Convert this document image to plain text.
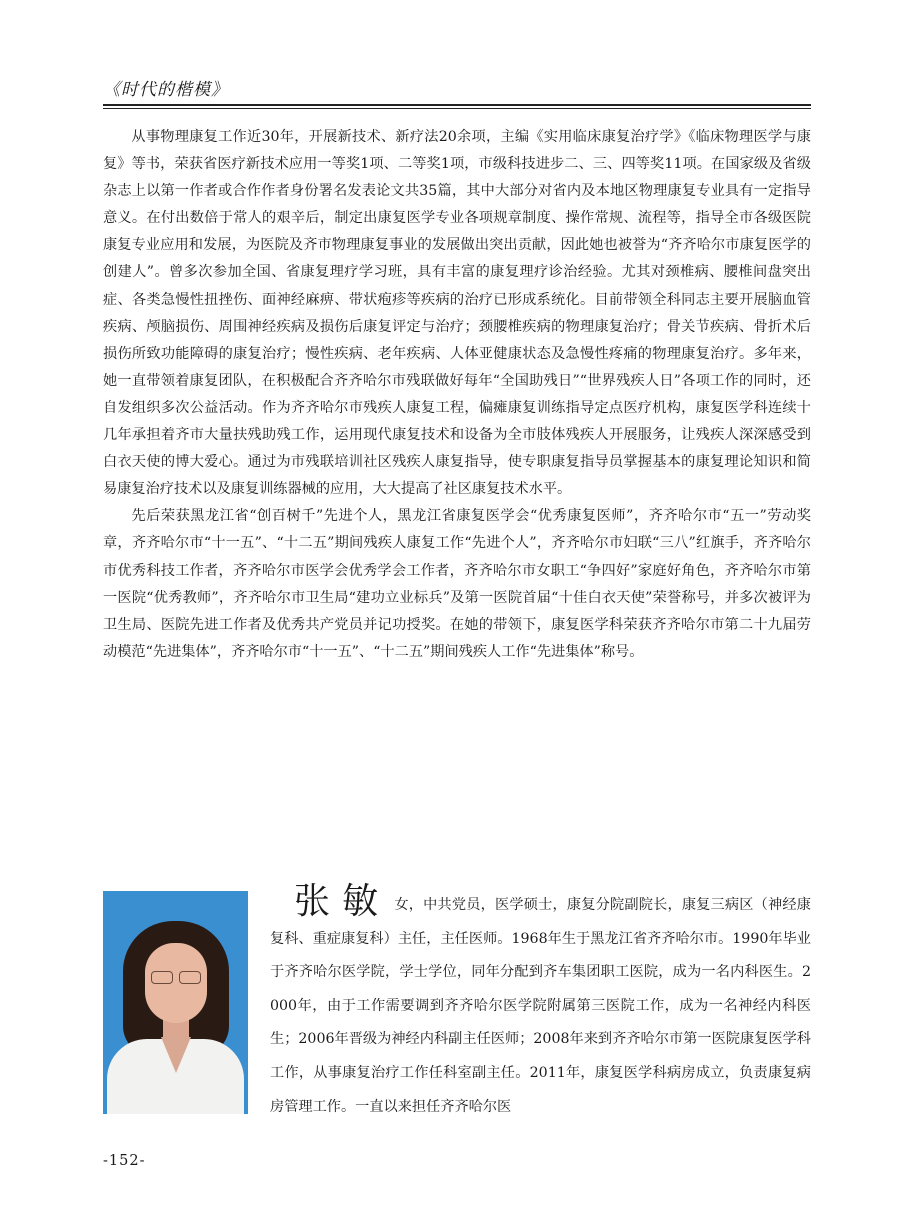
《时代的楷模》

从事物理康复工作近30年，开展新技术、新疗法20余项，主编《实用临床康复治疗学》《临床物理医学与康复》等书，荣获省医疗新技术应用一等奖1项、二等奖1项，市级科技进步二、三、四等奖11项。在国家级及省级杂志上以第一作者或合作作者身份署名发表论文共35篇，其中大部分对省内及本地区物理康复专业具有一定指导意义。在付出数倍于常人的艰辛后，制定出康复医学专业各项规章制度、操作常规、流程等，指导全市各级医院康复专业应用和发展，为医院及齐市物理康复事业的发展做出突出贡献，因此她也被誉为“齐齐哈尔市康复医学的创建人”。曾多次参加全国、省康复理疗学习班，具有丰富的康复理疗诊治经验。尤其对颈椎病、腰椎间盘突出症、各类急慢性扭挫伤、面神经麻痹、带状疱疹等疾病的治疗已形成系统化。目前带领全科同志主要开展脑血管疾病、颅脑损伤、周围神经疾病及损伤后康复评定与治疗；颈腰椎疾病的物理康复治疗；骨关节疾病、骨折术后损伤所致功能障碍的康复治疗；慢性疾病、老年疾病、人体亚健康状态及急慢性疼痛的物理康复治疗。多年来，她一直带领着康复团队，在积极配合齐齐哈尔市残联做好每年“全国助残日”“世界残疾人日”各项工作的同时，还自发组织多次公益活动。作为齐齐哈尔市残疾人康复工程，偏瘫康复训练指导定点医疗机构，康复医学科连续十几年承担着齐市大量扶残助残工作，运用现代康复技术和设备为全市肢体残疾人开展服务，让残疾人深深感受到白衣天使的博大爱心。通过为市残联培训社区残疾人康复指导，使专职康复指导员掌握基本的康复理论知识和简易康复治疗技术以及康复训练器械的应用，大大提高了社区康复技术水平。

先后荣获黑龙江省“创百树千”先进个人，黑龙江省康复医学会“优秀康复医师”，齐齐哈尔市“五一”劳动奖章，齐齐哈尔市“十一五”、“十二五”期间残疾人康复工作“先进个人”，齐齐哈尔市妇联“三八”红旗手，齐齐哈尔市优秀科技工作者，齐齐哈尔市医学会优秀学会工作者，齐齐哈尔市女职工“争四好”家庭好角色，齐齐哈尔市第一医院“优秀教师”，齐齐哈尔市卫生局“建功立业标兵”及第一医院首届“十佳白衣天使”荣誉称号，并多次被评为卫生局、医院先进工作者及优秀共产党员并记功授奖。在她的带领下，康复医学科荣获齐齐哈尔市第二十九届劳动模范“先进集体”，齐齐哈尔市“十一五”、“十二五”期间残疾人工作“先进集体”称号。

张敏 女，中共党员，医学硕士，康复分院副院长，康复三病区（神经康复科、重症康复科）主任，主任医师。1968年生于黑龙江省齐齐哈尔市。1990年毕业于齐齐哈尔医学院，学士学位，同年分配到齐车集团职工医院，成为一名内科医生。2000年，由于工作需要调到齐齐哈尔医学院附属第三医院工作，成为一名神经内科医生；2006年晋级为神经内科副主任医师；2008年来到齐齐哈尔市第一医院康复医学科工作，从事康复治疗工作任科室副主任。2011年，康复医学科病房成立，负责康复病房管理工作。一直以来担任齐齐哈尔医

-152-
